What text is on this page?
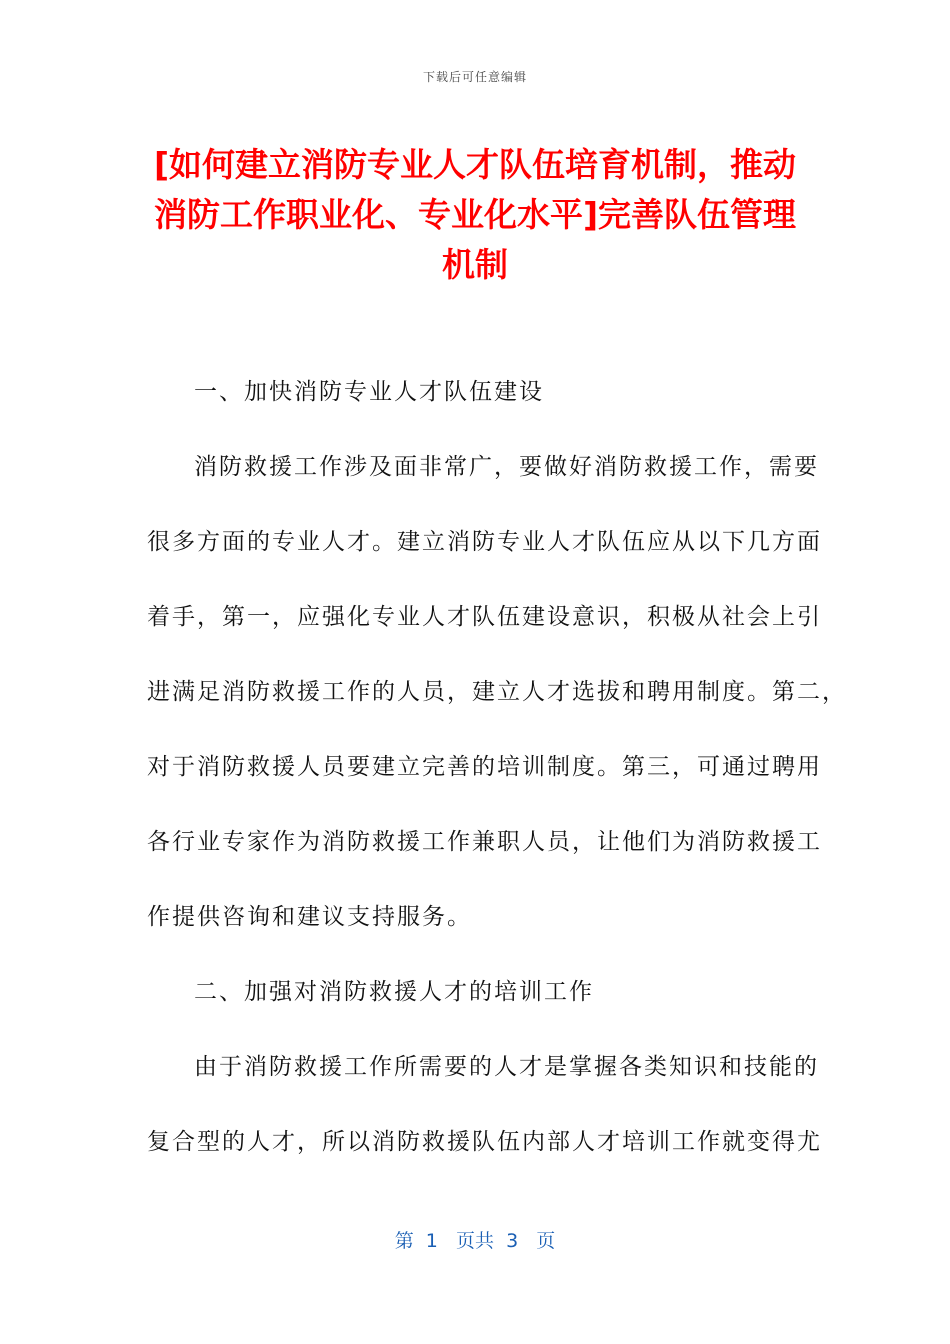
下载后可任意编辑
[如何建立消防专业人才队伍培育机制，推动消防工作职业化、专业化水平]完善队伍管理机制
一、加快消防专业人才队伍建设
消防救援工作涉及面非常广，要做好消防救援工作，需要
很多方面的专业人才。建立消防专业人才队伍应从以下几方面
着手，第一，应强化专业人才队伍建设意识，积极从社会上引
进满足消防救援工作的人员，建立人才选拔和聘用制度。第二，
对于消防救援人员要建立完善的培训制度。第三，可通过聘用
各行业专家作为消防救援工作兼职人员，让他们为消防救援工
作提供咨询和建议支持服务。
二、加强对消防救援人才的培训工作
由于消防救援工作所需要的人才是掌握各类知识和技能的
复合型的人才，所以消防救援队伍内部人才培训工作就变得尤
第  1   页共  3   页
